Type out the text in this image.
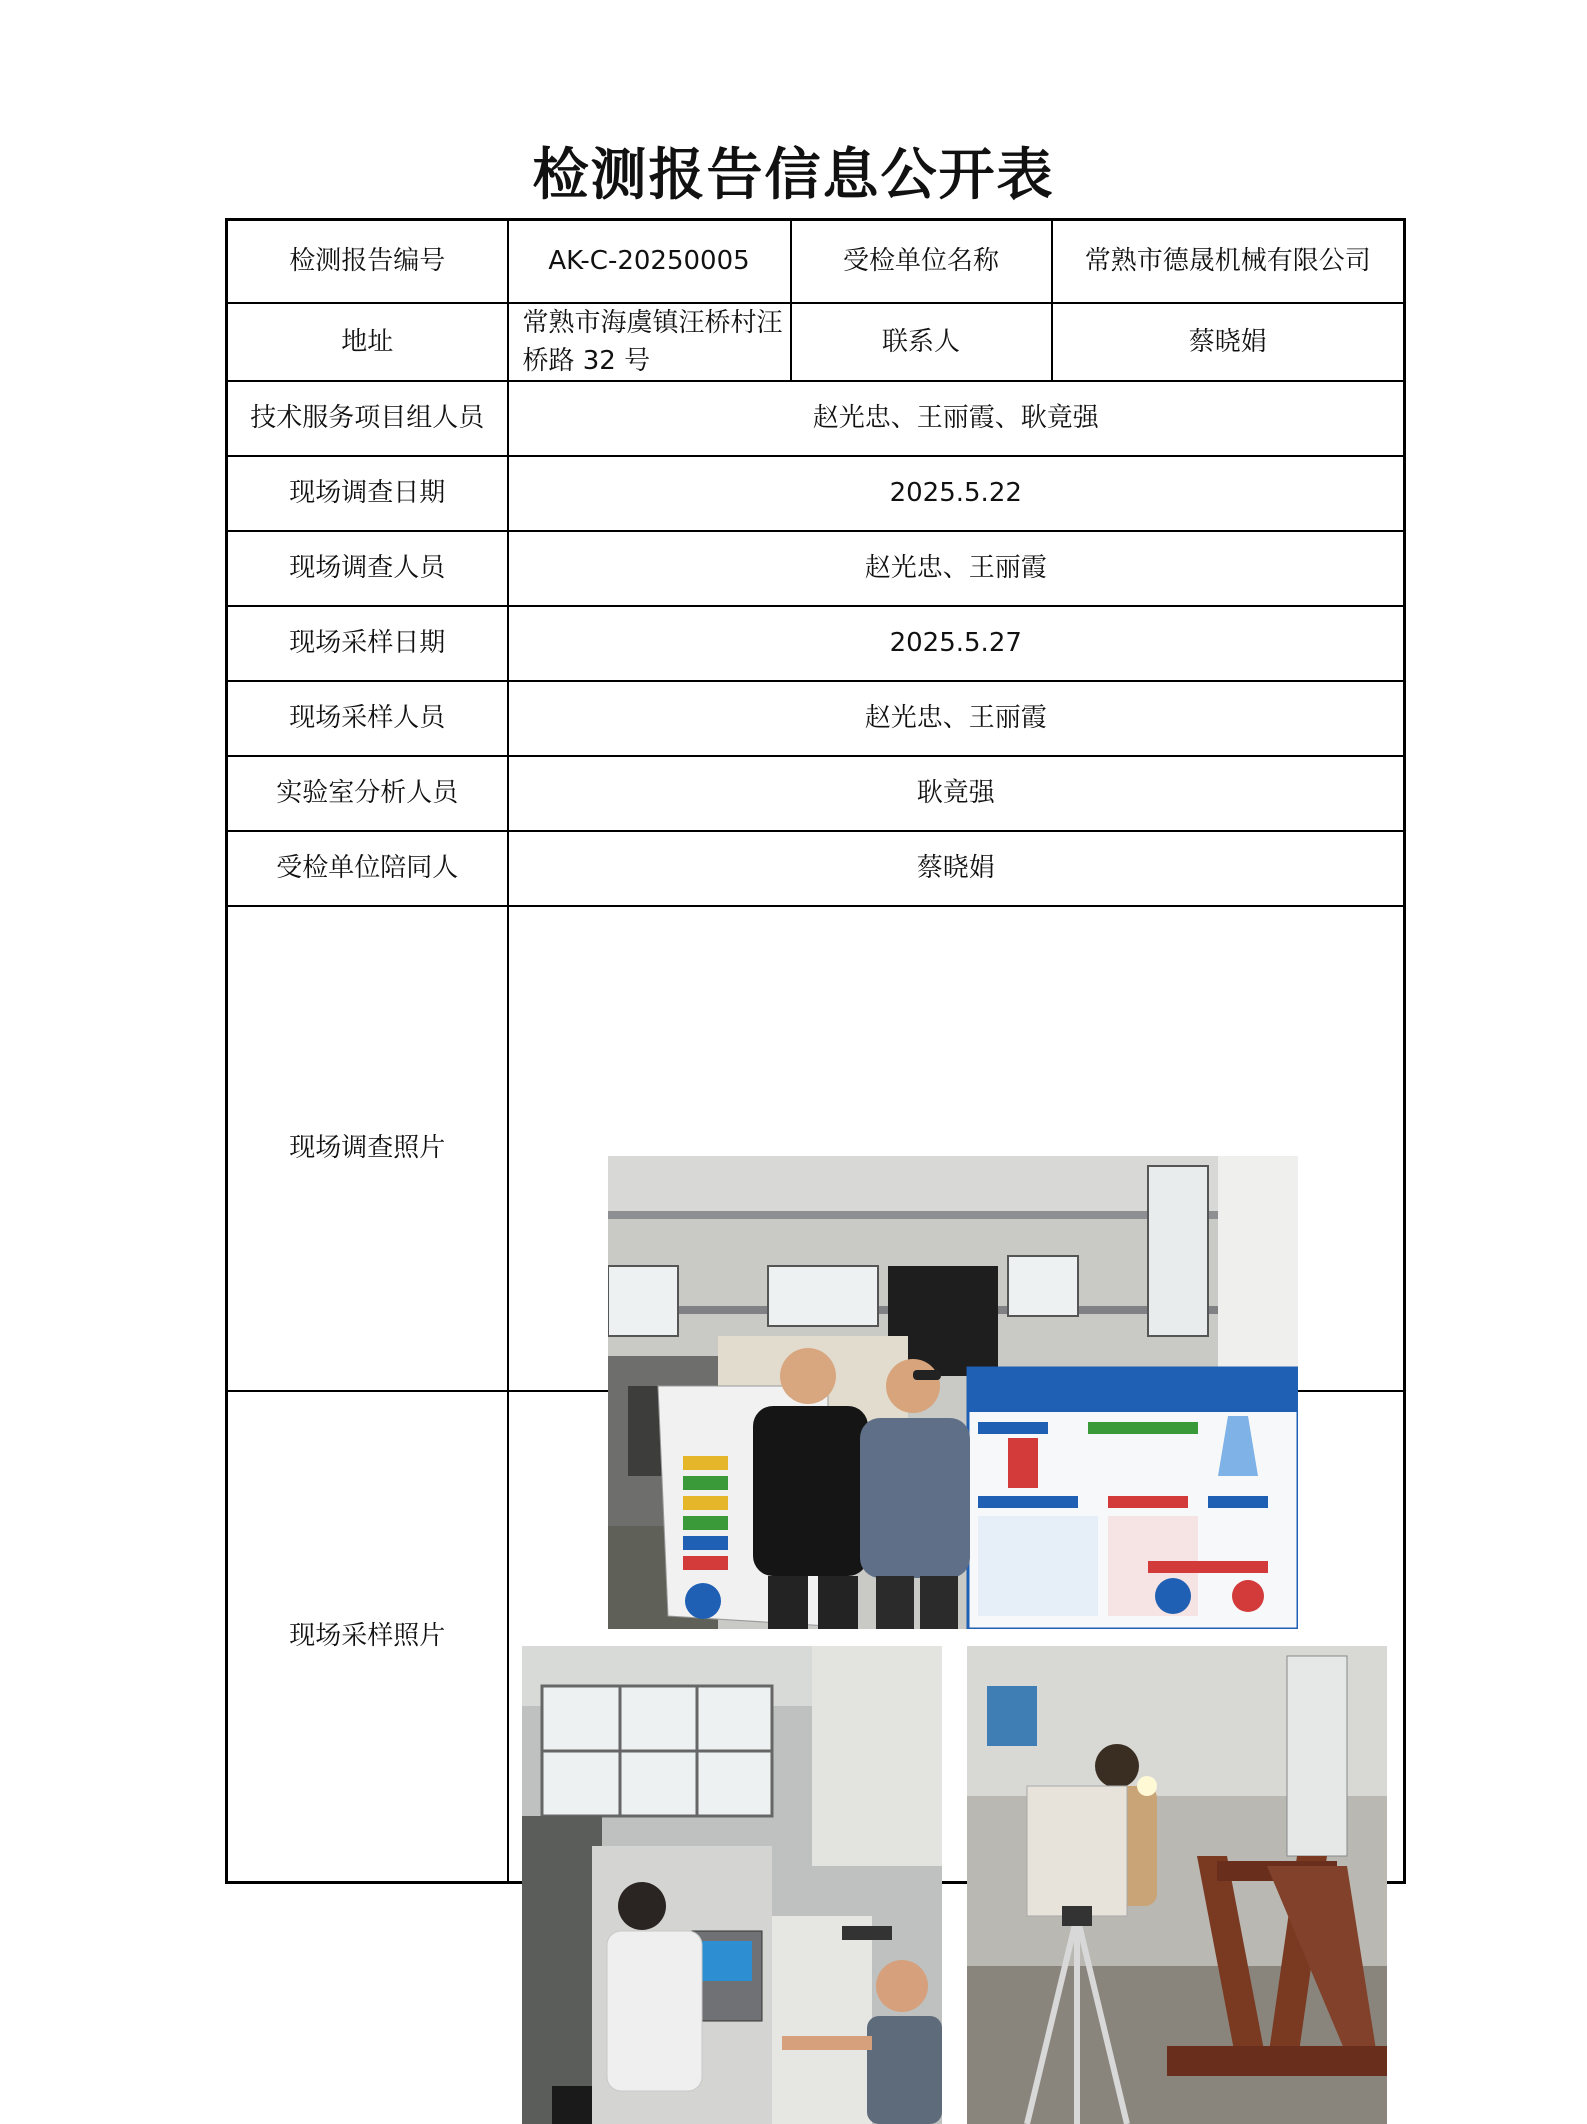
检测报告信息公开表
检测报告编号	AK-C-20250005	受检单位名称	常熟市德晟机械有限公司
地址	常熟市海虞镇汪桥村汪桥路 32 号	联系人	蔡晓娟
技术服务项目组人员	赵光忠、王丽霞、耿竟强		
现场调查日期	2025.5.22		
现场调查人员	赵光忠、王丽霞		
现场采样日期	2025.5.27		
现场采样人员	赵光忠、王丽霞		
实验室分析人员	耿竟强		
受检单位陪同人	蔡晓娟		
现场调查照片	

现场采样照片	
